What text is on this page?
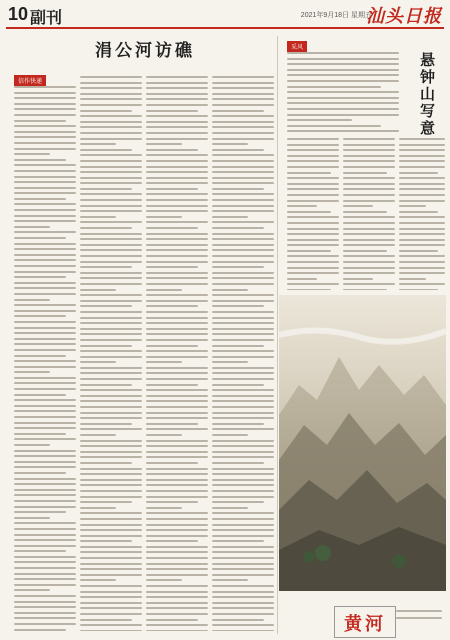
10 副刊	2021年9月18日 星期五
汕头日报
涓公河访礁
信作快递
采风
悬钟山写意
黄河
